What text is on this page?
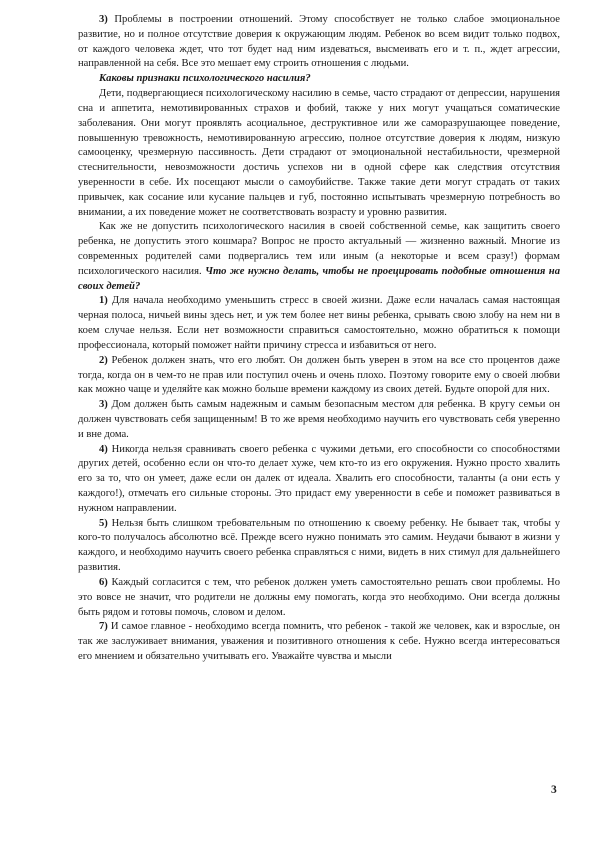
3) Проблемы в построении отношений. Этому способствует не только слабое эмоциональное развитие, но и полное отсутствие доверия к окружающим людям. Ребенок во всем видит только подвох, от каждого человека ждет, что тот будет над ним издеваться, высмеивать его и т. п., ждет агрессии, направленной на себя. Все это мешает ему строить отношения с людьми.

Каковы признаки психологического насилия?

Дети, подвергающиеся психологическому насилию в семье, часто страдают от депрессии, нарушения сна и аппетита, немотивированных страхов и фобий, также у них могут учащаться соматические заболевания. Они могут проявлять асоциальное, деструктивное или же саморазрушающее поведение, повышенную тревожность, немотивированную агрессию, полное отсутствие доверия к людям, низкую самооценку, чрезмерную пассивность. Дети страдают от эмоциональной нестабильности, чрезмерной стеснительности, невозможности достичь успехов ни в одной сфере как следствия отсутствия уверенности в себе. Их посещают мысли о самоубийстве. Также такие дети могут страдать от таких привычек, как сосание или кусание пальцев и губ, постоянно испытывать чрезмерную потребность во внимании, а их поведение может не соответствовать возрасту и уровню развития.

Как же не допустить психологического насилия в своей собственной семье, как защитить своего ребенка, не допустить этого кошмара? Вопрос не просто актуальный — жизненно важный. Многие из современных родителей сами подвергались тем или иным (а некоторые и всем сразу!) формам психологического насилия. Что же нужно делать, чтобы не проецировать подобные отношения на своих детей?

1) Для начала необходимо уменьшить стресс в своей жизни. Даже если началась самая настоящая черная полоса, ничьей вины здесь нет, и уж тем более нет вины ребенка, срывать свою злобу на нем ни в коем случае нельзя. Если нет возможности справиться самостоятельно, можно обратиться к помощи профессионала, который поможет найти причину стресса и избавиться от него.

2) Ребенок должен знать, что его любят. Он должен быть уверен в этом на все сто процентов даже тогда, когда он в чем-то не прав или поступил очень и очень плохо. Поэтому говорите ему о своей любви как можно чаще и уделяйте как можно больше времени каждому из своих детей. Будьте опорой для них.

3) Дом должен быть самым надежным и самым безопасным местом для ребенка. В кругу семьи он должен чувствовать себя защищенным! В то же время необходимо научить его чувствовать себя уверенно и вне дома.

4) Никогда нельзя сравнивать своего ребенка с чужими детьми, его способности со способностями других детей, особенно если он что-то делает хуже, чем кто-то из его окружения. Нужно просто хвалить его за то, что он умеет, даже если он далек от идеала. Хвалить его способности, таланты (а они есть у каждого!), отмечать его сильные стороны. Это придаст ему уверенности в себе и поможет развиваться в нужном направлении.

5) Нельзя быть слишком требовательным по отношению к своему ребенку. Не бывает так, чтобы у кого-то получалось абсолютно всё. Прежде всего нужно понимать это самим. Неудачи бывают в жизни у каждого, и необходимо научить своего ребенка справляться с ними, видеть в них стимул для дальнейшего развития.

6) Каждый согласится с тем, что ребенок должен уметь самостоятельно решать свои проблемы. Но это вовсе не значит, что родители не должны ему помогать, когда это необходимо. Они всегда должны быть рядом и готовы помочь, словом и делом.

7) И самое главное - необходимо всегда помнить, что ребенок - такой же человек, как и взрослые, он так же заслуживает внимания, уважения и позитивного отношения к себе. Нужно всегда интересоваться его мнением и обязательно учитывать его. Уважайте чувства и мысли

3
